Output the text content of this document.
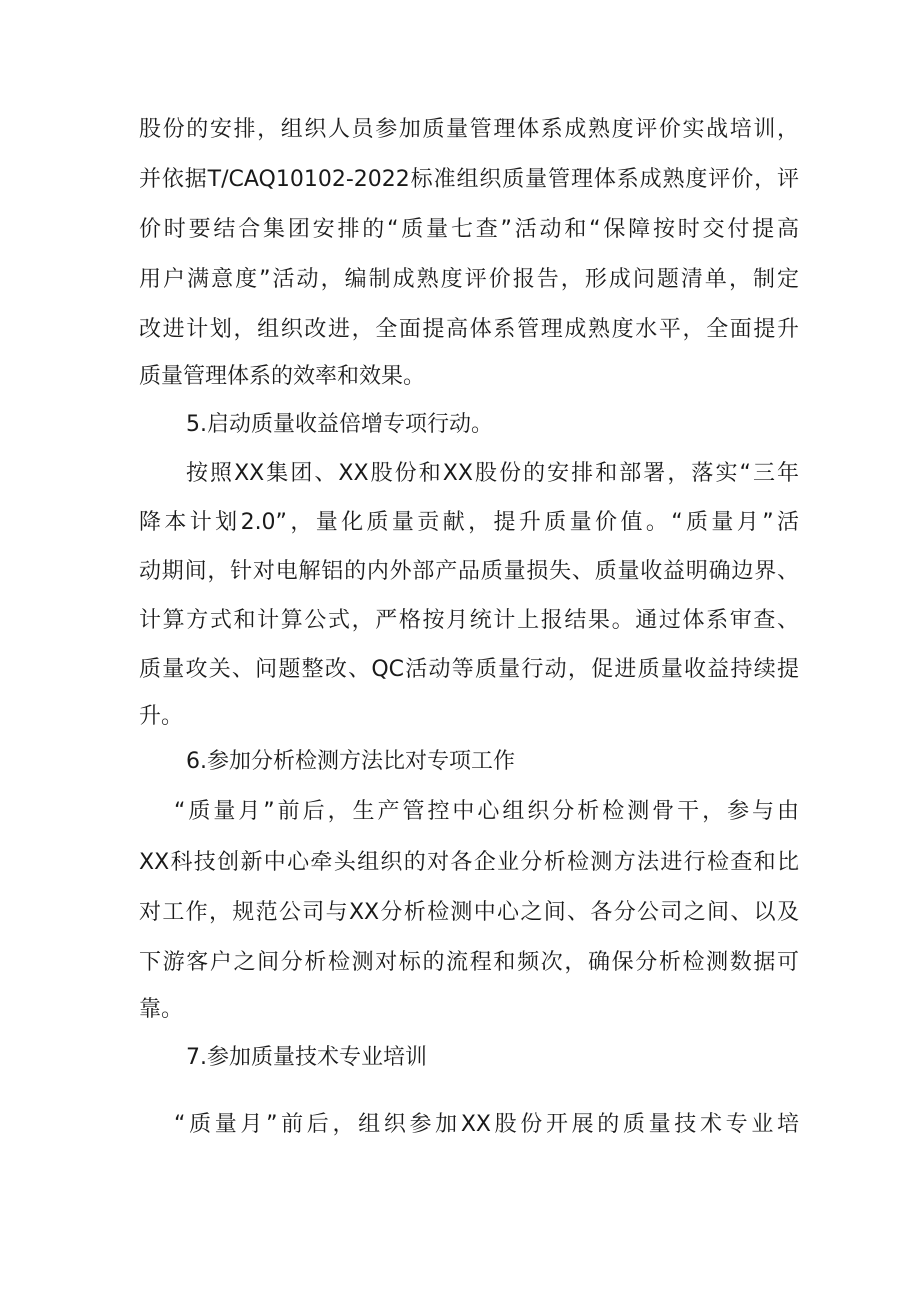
股份的安排，组织人员参加质量管理体系成熟度评价实战培训，
并依据T/CAQ10102-2022标准组织质量管理体系成熟度评价，评
价时要结合集团安排的“质量七查”活动和“保障按时交付提高
用户满意度”活动，编制成熟度评价报告，形成问题清单，制定
改进计划，组织改进，全面提高体系管理成熟度水平，全面提升
质量管理体系的效率和效果。
5.启动质量收益倍增专项行动。
按照XX集团、XX股份和XX股份的安排和部署，落实“三年
降本计划2.0”，量化质量贡献，提升质量价值。“质量月”活
动期间，针对电解铝的内外部产品质量损失、质量收益明确边界、
计算方式和计算公式，严格按月统计上报结果。通过体系审查、
质量攻关、问题整改、QC活动等质量行动，促进质量收益持续提
升。
6.参加分析检测方法比对专项工作
“质量月”前后，生产管控中心组织分析检测骨干，参与由
XX科技创新中心牵头组织的对各企业分析检测方法进行检查和比
对工作，规范公司与XX分析检测中心之间、各分公司之间、以及
下游客户之间分析检测对标的流程和频次，确保分析检测数据可
靠。
7.参加质量技术专业培训
“质量月”前后，组织参加XX股份开展的质量技术专业培
